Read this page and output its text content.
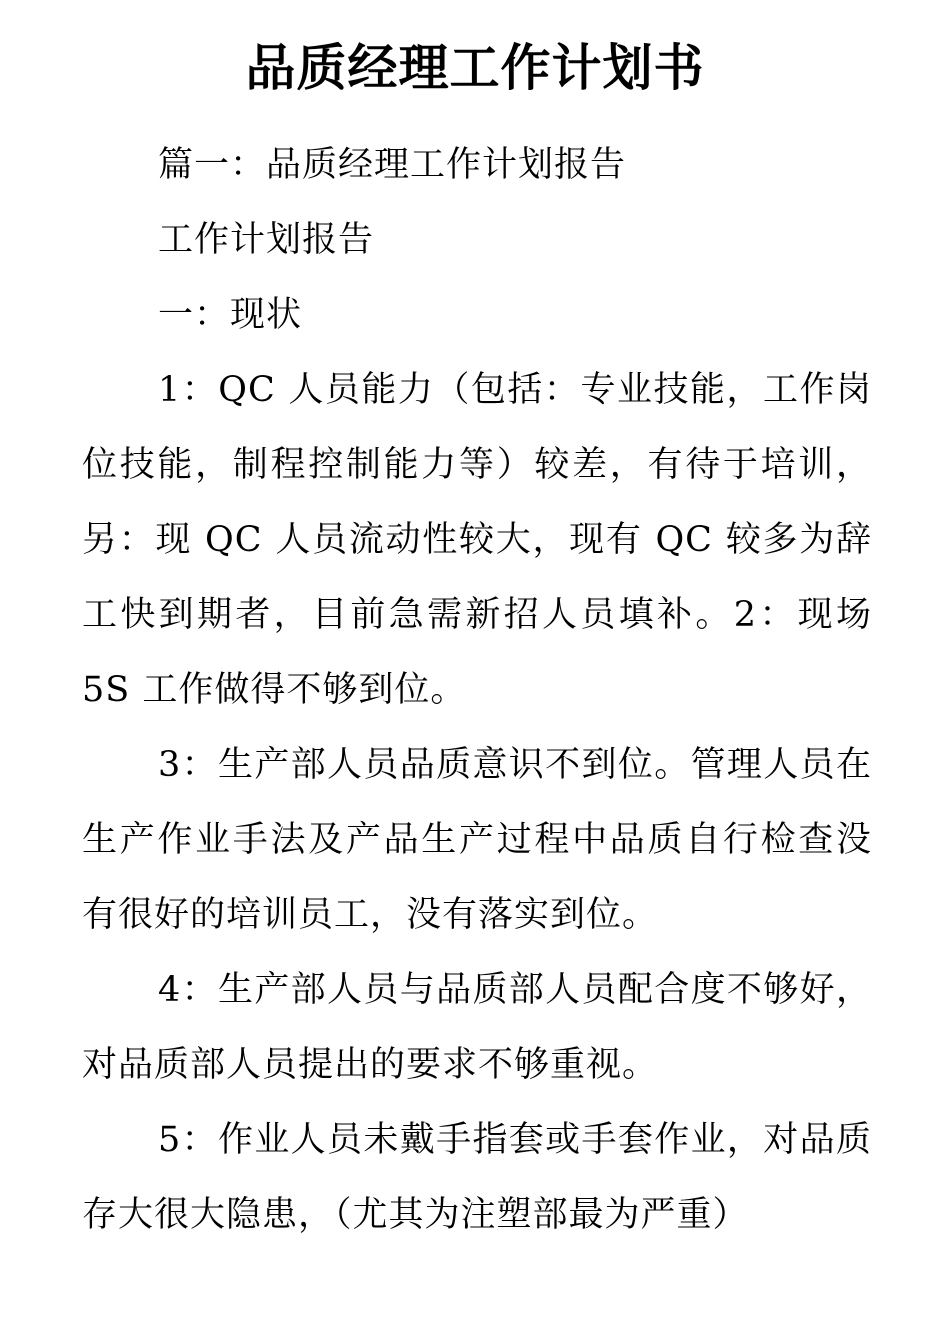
品质经理工作计划书

篇一：品质经理工作计划报告

工作计划报告

一：现状

1：QC 人员能力（包括：专业技能，工作岗位技能，制程控制能力等）较差，有待于培训，另：现 QC 人员流动性较大，现有 QC 较多为辞工快到期者，目前急需新招人员填补。2：现场 5S 工作做得不够到位。

3：生产部人员品质意识不到位。管理人员在生产作业手法及产品生产过程中品质自行检查没有很好的培训员工，没有落实到位。

4：生产部人员与品质部人员配合度不够好，对品质部人员提出的要求不够重视。

5：作业人员未戴手指套或手套作业，对品质存大很大隐患，（尤其为注塑部最为严重）
